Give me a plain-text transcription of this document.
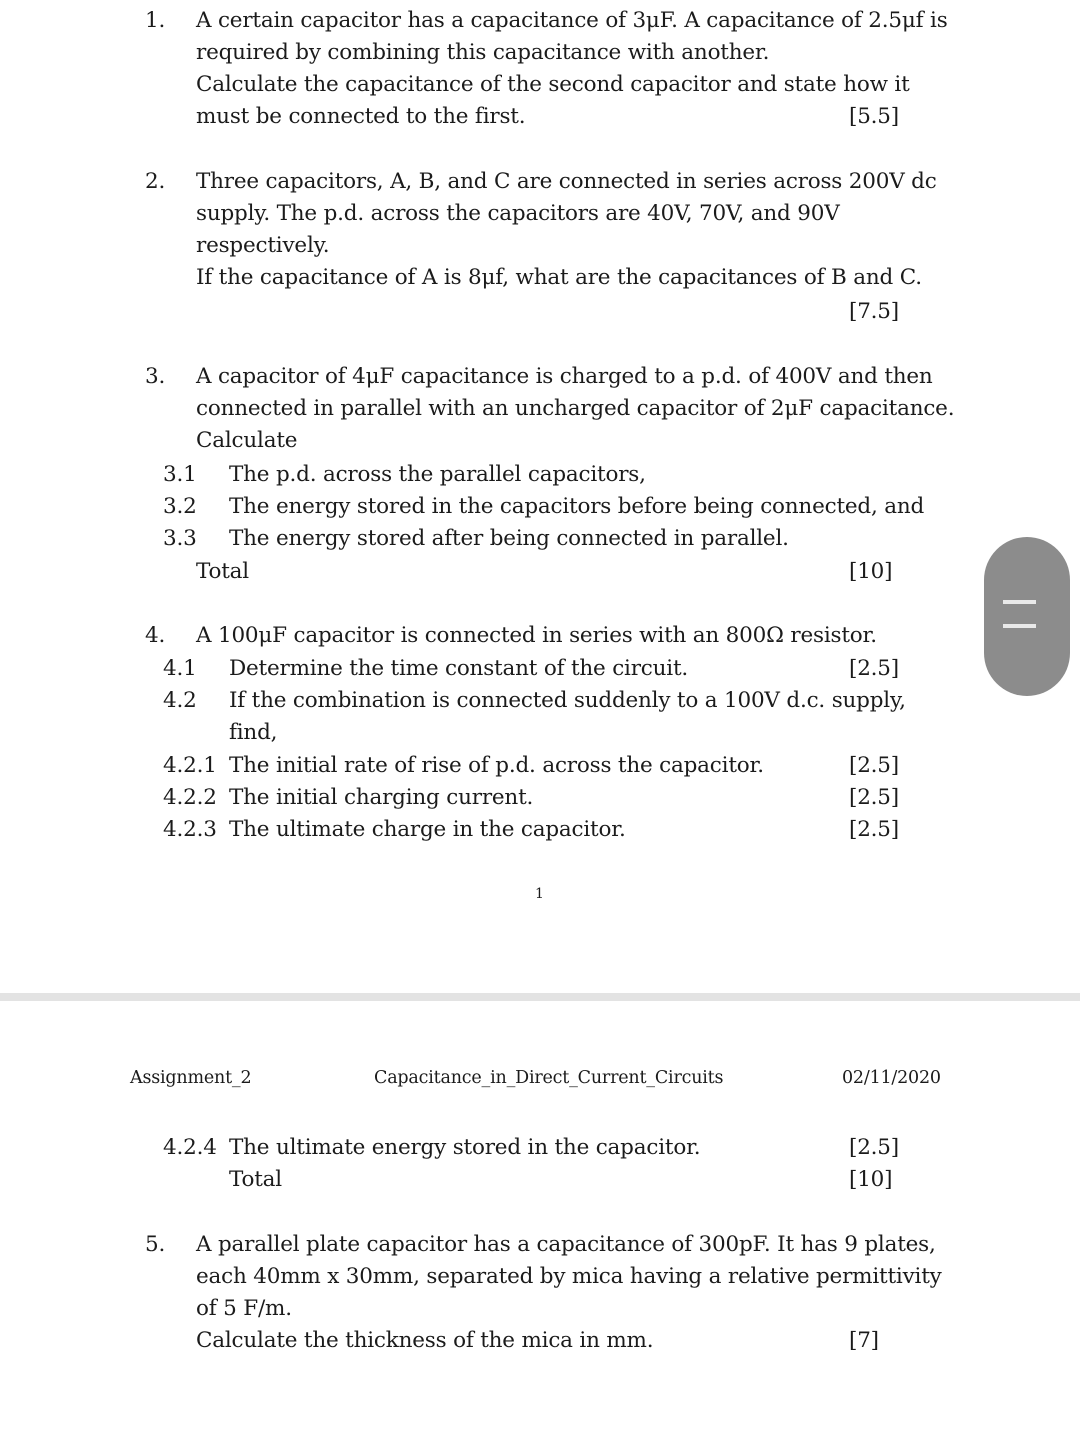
1. A certain capacitor has a capacitance of 3μF. A capacitance of 2.5μf is
required by combining this capacitance with another.
Calculate the capacitance of the second capacitor and state how it
must be connected to the first.	[5.5]
2. Three capacitors, A, B, and C are connected in series across 200V dc
supply. The p.d. across the capacitors are 40V, 70V, and 90V
respectively.
If the capacitance of A is 8μf, what are the capacitances of B and C.
[7.5]
3. A capacitor of 4μF capacitance is charged to a p.d. of 400V and then
connected in parallel with an uncharged capacitor of 2μF capacitance.
Calculate
3.1 The p.d. across the parallel capacitors,
3.2 The energy stored in the capacitors before being connected, and
3.3 The energy stored after being connected in parallel.
Total	[10]
4. A 100μF capacitor is connected in series with an 800Ω resistor.
4.1 Determine the time constant of the circuit.	[2.5]
4.2 If the combination is connected suddenly to a 100V d.c. supply,
find,
4.2.1 The initial rate of rise of p.d. across the capacitor.	[2.5]
4.2.2 The initial charging current.	[2.5]
4.2.3 The ultimate charge in the capacitor.	[2.5]
1
Assignment_2	Capacitance_in_Direct_Current_Circuits	02/11/2020
4.2.4 The ultimate energy stored in the capacitor.	[2.5]
Total	[10]
5. A parallel plate capacitor has a capacitance of 300pF. It has 9 plates,
each 40mm x 30mm, separated by mica having a relative permittivity
of 5 F/m.
Calculate the thickness of the mica in mm.	[7]
